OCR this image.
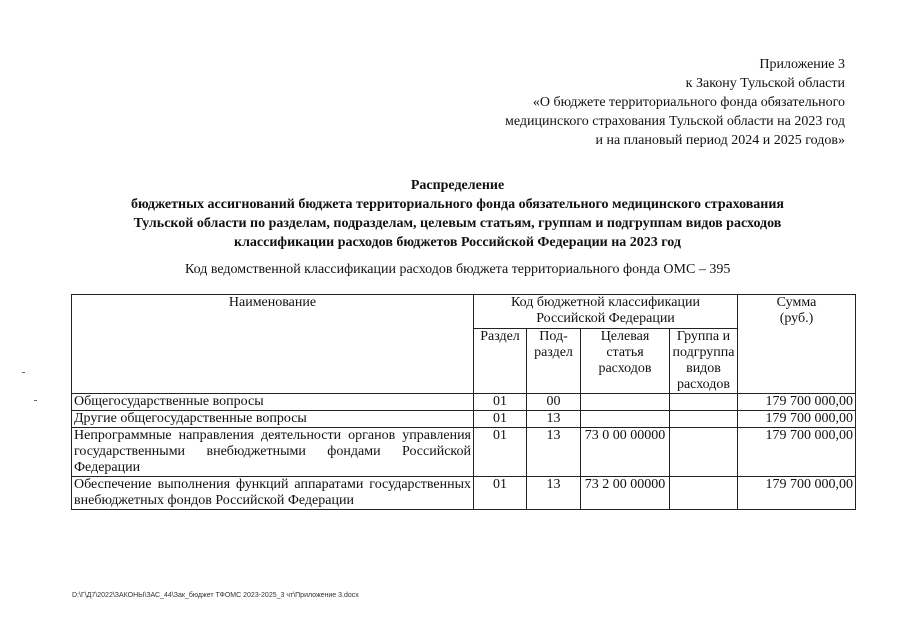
Приложение 3
к Закону Тульской области
«О бюджете территориального фонда обязательного
медицинского страхования Тульской области на 2023 год
и на плановый период 2024 и 2025 годов»
Распределение
бюджетных ассигнований бюджета территориального фонда обязательного медицинского страхования
Тульской области по разделам, подразделам, целевым статьям, группам и подгруппам видов расходов
классификации расходов бюджетов Российской Федерации на 2023 год
Код ведомственной классификации расходов бюджета территориального фонда ОМС – 395
Наименование	Код бюджетной классификации Российской Федерации				Сумма (руб.)
	Раздел	Под-раздел	Целевая статья расходов	Группа и подгруппа видов расходов	
Общегосударственные вопросы	01	00			179 700 000,00
Другие общегосударственные вопросы	01	13			179 700 000,00
Непрограммные направления деятельности органов управления государственными внебюджетными фондами Российской Федерации	01	13	73 0 00 00000		179 700 000,00
Обеспечение выполнения функций аппаратами государственных внебюджетных фондов Российской Федерации	01	13	73 2 00 00000		179 700 000,00
D:\Г\Д7\2022\ЗАКОНЫ\ЗАС_44\Зак_бюджет ТФОМС 2023-2025_3 чт\Приложение 3.docx
